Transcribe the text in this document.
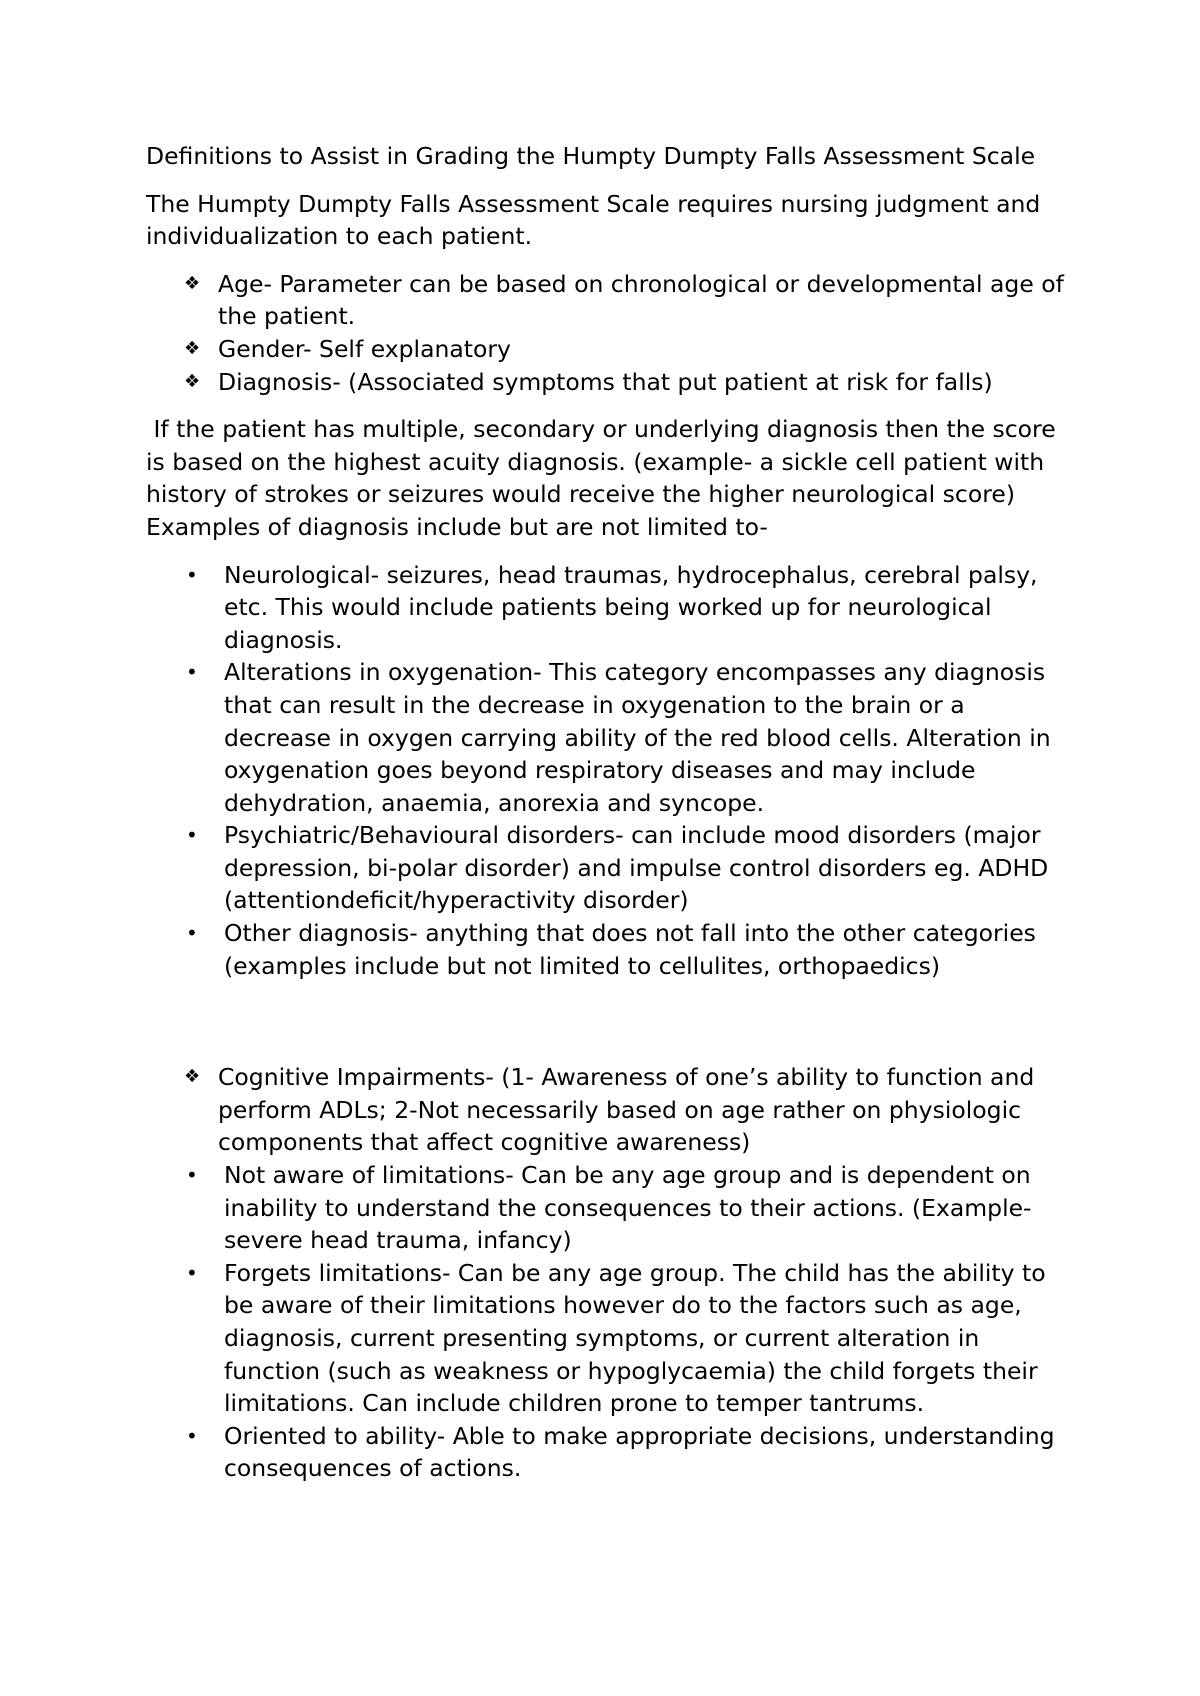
Definitions to Assist in Grading the Humpty Dumpty Falls Assessment Scale

The Humpty Dumpty Falls Assessment Scale requires nursing judgment and individualization to each patient.

❖ Age- Parameter can be based on chronological or developmental age of the patient.
❖ Gender- Self explanatory
❖ Diagnosis- (Associated symptoms that put patient at risk for falls)

If the patient has multiple, secondary or underlying diagnosis then the score is based on the highest acuity diagnosis. (example- a sickle cell patient with history of strokes or seizures would receive the higher neurological score) Examples of diagnosis include but are not limited to-

• Neurological- seizures, head traumas, hydrocephalus, cerebral palsy, etc. This would include patients being worked up for neurological diagnosis.
• Alterations in oxygenation- This category encompasses any diagnosis that can result in the decrease in oxygenation to the brain or a decrease in oxygen carrying ability of the red blood cells. Alteration in oxygenation goes beyond respiratory diseases and may include dehydration, anaemia, anorexia and syncope.
• Psychiatric/Behavioural disorders- can include mood disorders (major depression, bi-polar disorder) and impulse control disorders eg. ADHD (attentiondeficit/hyperactivity disorder)
• Other diagnosis- anything that does not fall into the other categories (examples include but not limited to cellulites, orthopaedics)
❖ Cognitive Impairments- (1- Awareness of one’s ability to function and perform ADLs; 2-Not necessarily based on age rather on physiologic components that affect cognitive awareness)
• Not aware of limitations- Can be any age group and is dependent on inability to understand the consequences to their actions. (Example- severe head trauma, infancy)
• Forgets limitations- Can be any age group. The child has the ability to be aware of their limitations however do to the factors such as age, diagnosis, current presenting symptoms, or current alteration in function (such as weakness or hypoglycaemia) the child forgets their limitations. Can include children prone to temper tantrums.
• Oriented to ability- Able to make appropriate decisions, understanding consequences of actions.
